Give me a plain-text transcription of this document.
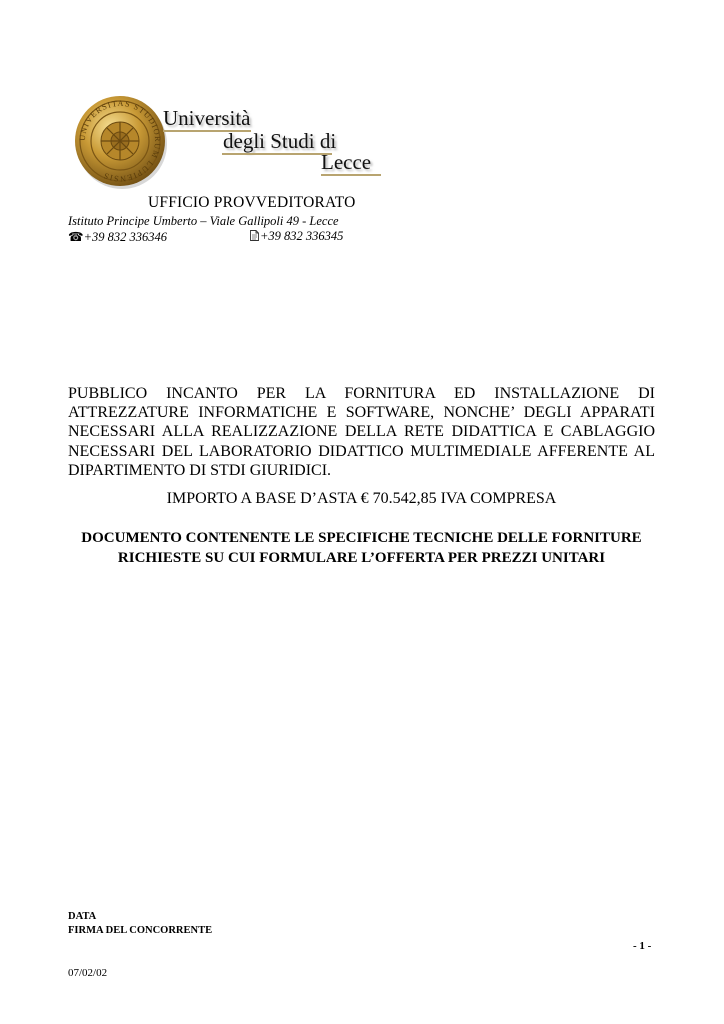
UNIVERSITAS STUDIORUM LUPIENSIS
Università
degli Studi di
Lecce
UFFICIO PROVVEDITORATO
Istituto Principe Umberto – Viale Gallipoli 49 - Lecce
☎+39 832 336346	+39 832 336345
PUBBLICO INCANTO PER LA FORNITURA ED INSTALLAZIONE DI ATTREZZATURE INFORMATICHE E SOFTWARE, NONCHE’ DEGLI APPARATI NECESSARI ALLA REALIZZAZIONE DELLA RETE DIDATTICA E CABLAGGIO NECESSARI DEL LABORATORIO DIDATTICO MULTIMEDIALE AFFERENTE AL DIPARTIMENTO DI STDI GIURIDICI.
IMPORTO A BASE D’ASTA € 70.542,85 IVA COMPRESA
DOCUMENTO CONTENENTE LE SPECIFICHE TECNICHE DELLE FORNITURE RICHIESTE SU CUI FORMULARE L’OFFERTA PER PREZZI UNITARI
DATA
FIRMA DEL CONCORRENTE
- 1 -
07/02/02
